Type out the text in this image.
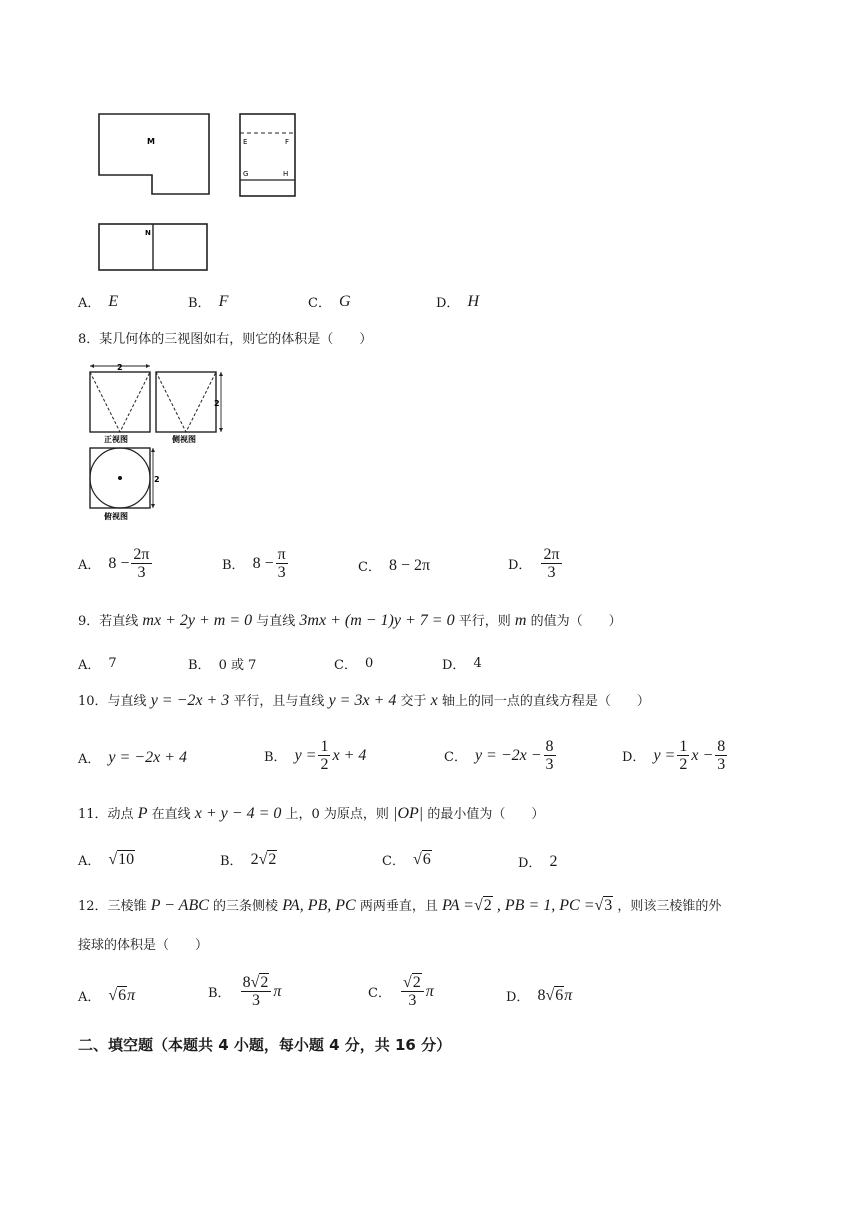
M	E	F
G	H
N
A． E	B． F	C． G	D． H
8．某几何体的三视图如右，则它的体积是（　　）
2
正视图
2
侧视图
2
俯视图
A． $8 - \frac{2\pi}{3}$	B． $8 - \frac{\pi}{3}$	C． 8 − 2π	D． $\frac{2\pi}{3}$
9．若直线 mx + 2y + m = 0 与直线 3mx + (m − 1)y + 7 = 0 平行，则 m 的值为（　　）
A． 7	B． 0 或 7	C． 0	D． 4
10．与直线 y = −2x + 3 平行，且与直线 y = 3x + 4 交于 x 轴上的同一点的直线方程是（　　）
A． y = −2x + 4	B． $y = \frac{1}{2}$ x + 4	C． $y = -2x - \frac{8}{3}$	D． $y = \frac{1}{2}$ $x - \frac{8}{3}$
11．动点 P 在直线 x + y − 4 = 0 上，0 为原点，则 |OP| 的最小值为（　　）
A． √ 10	B． 2 √ 2	C． √ 6	D． 2
12．三棱锥 P − ABC 的三条侧棱 PA, PB, PC 两两垂直，且 PA =√2 , PB = 1, PC =√3 ，则该三棱锥的外
接球的体积是（　　）
A． √ 6 π	B． $\frac{8√2}{3}$ π	C． $\frac{√2}{3}$ π	D． 8 √ 6 π
二、填空题（本题共 4 小题，每小题 4 分，共 16 分）
